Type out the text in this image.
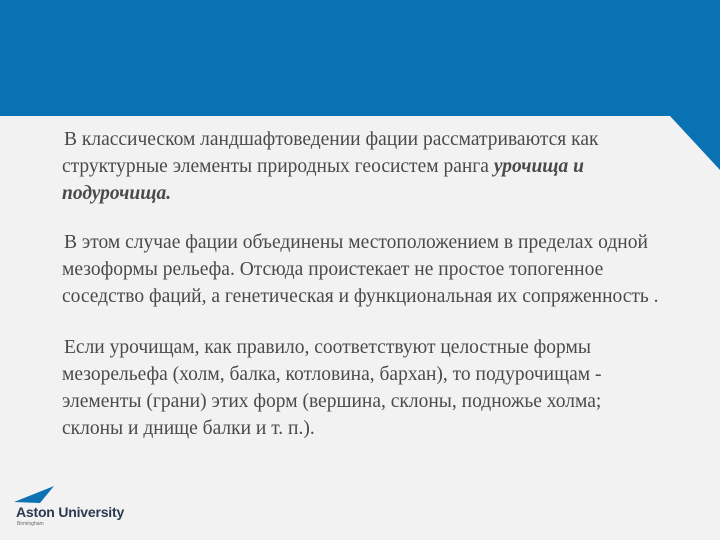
В классическом ландшафтоведении фации рассматриваются как структурные элементы природных геосистем ранга урочища и подурочища.

В этом случае фации объединены местоположением в пределах одной мезоформы рельефа. Отсюда проистекает не простое топогенное соседство фаций, а генетическая и функциональная их сопряженность .

Если урочищам, как правило, соответствуют целостные формы мезорельефа (холм, балка, котловина, бархан), то подурочищам - элементы (грани) этих форм (вершина, склоны, подножье холма; склоны и днище балки и т. п.).

Aston University
Birmingham
